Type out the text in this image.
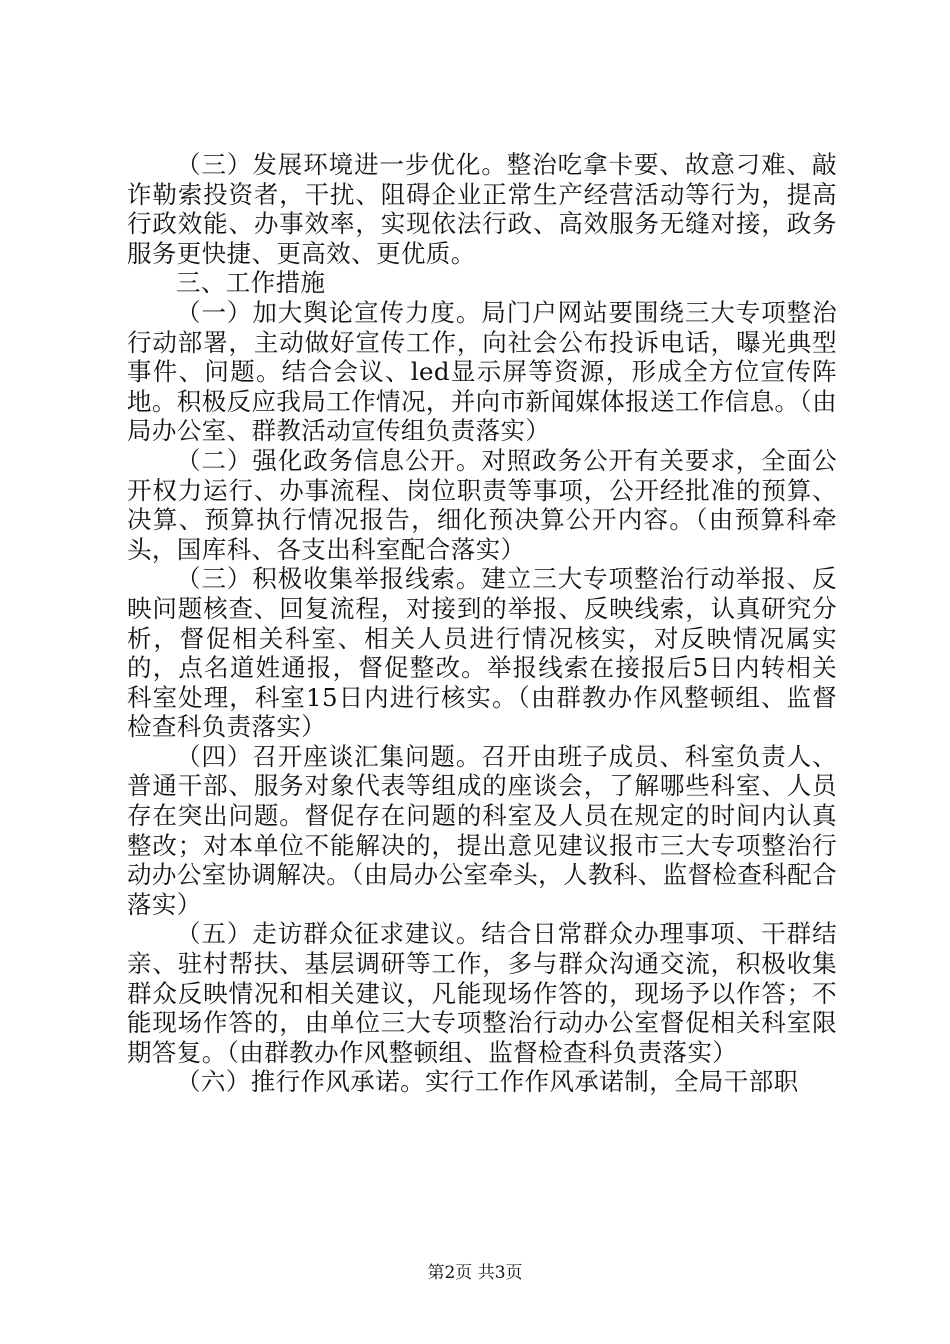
（三）发展环境进一步优化。整治吃拿卡要、故意刁难、敲诈勒索投资者，干扰、阻碍企业正常生产经营活动等行为，提高行政效能、办事效率，实现依法行政、高效服务无缝对接，政务服务更快捷、更高效、更优质。

三、工作措施

（一）加大舆论宣传力度。局门户网站要围绕三大专项整治行动部署，主动做好宣传工作，向社会公布投诉电话，曝光典型事件、问题。结合会议、led显示屏等资源，形成全方位宣传阵地。积极反应我局工作情况，并向市新闻媒体报送工作信息。（由局办公室、群教活动宣传组负责落实）

（二）强化政务信息公开。对照政务公开有关要求，全面公开权力运行、办事流程、岗位职责等事项，公开经批准的预算、决算、预算执行情况报告，细化预决算公开内容。（由预算科牵头，国库科、各支出科室配合落实）

（三）积极收集举报线索。建立三大专项整治行动举报、反映问题核查、回复流程，对接到的举报、反映线索，认真研究分析，督促相关科室、相关人员进行情况核实，对反映情况属实的，点名道姓通报，督促整改。举报线索在接报后5日内转相关科室处理，科室15日内进行核实。（由群教办作风整顿组、监督检查科负责落实）

（四）召开座谈汇集问题。召开由班子成员、科室负责人、普通干部、服务对象代表等组成的座谈会，了解哪些科室、人员存在突出问题。督促存在问题的科室及人员在规定的时间内认真整改；对本单位不能解决的，提出意见建议报市三大专项整治行动办公室协调解决。（由局办公室牵头，人教科、监督检查科配合落实）

（五）走访群众征求建议。结合日常群众办理事项、干群结亲、驻村帮扶、基层调研等工作，多与群众沟通交流，积极收集群众反映情况和相关建议，凡能现场作答的，现场予以作答；不能现场作答的，由单位三大专项整治行动办公室督促相关科室限期答复。（由群教办作风整顿组、监督检查科负责落实）

（六）推行作风承诺。实行工作作风承诺制，全局干部职

第2页 共3页
